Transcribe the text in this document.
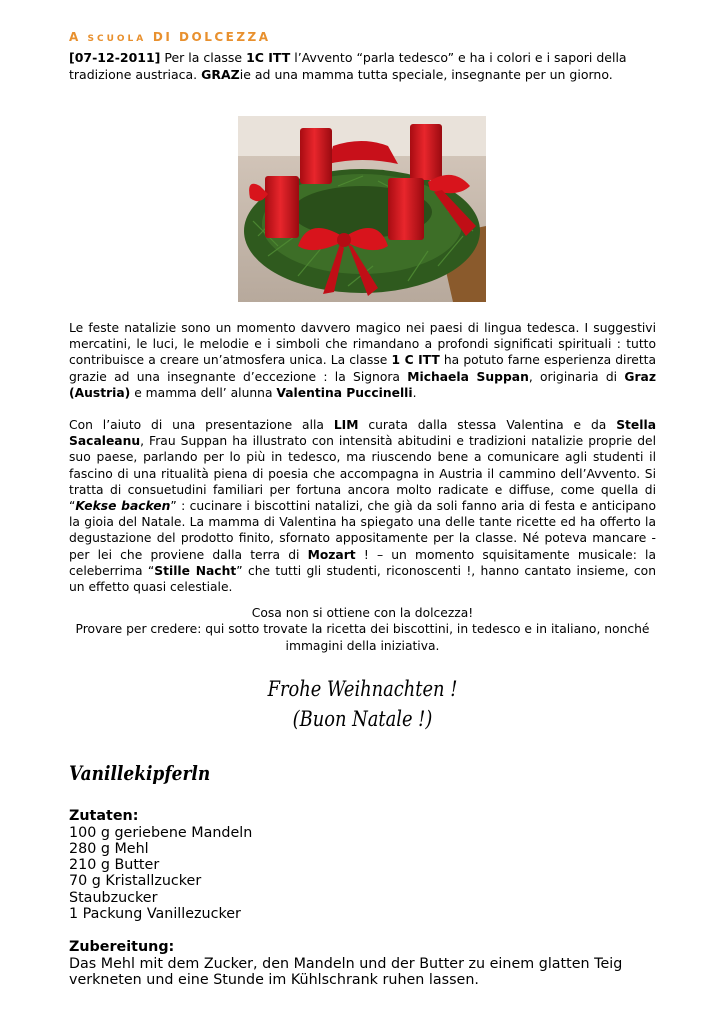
A SCUOLA DI DOLCEZZA

[07-12-2011] Per la classe 1C ITT l’Avvento “parla tedesco” e ha i colori e i sapori della tradizione austriaca. GRAZie ad una mamma tutta speciale, insegnante per un giorno.

Le feste natalizie sono un momento davvero magico nei paesi di lingua tedesca. I suggestivi mercatini, le luci, le melodie e i simboli che rimandano a profondi significati spirituali : tutto contribuisce a creare un’atmosfera unica. La classe 1 C ITT ha potuto farne esperienza diretta grazie ad una insegnante d’eccezione : la Signora Michaela Suppan, originaria di Graz (Austria) e mamma dell’ alunna Valentina Puccinelli.

Con l’aiuto di una presentazione alla LIM curata dalla stessa Valentina e da Stella Sacaleanu, Frau Suppan ha illustrato con intensità abitudini e tradizioni natalizie proprie del suo paese, parlando per lo più in tedesco, ma riuscendo bene a comunicare agli studenti il fascino di una ritualità piena di poesia che accompagna in Austria il cammino dell’Avvento. Si tratta di consuetudini familiari per fortuna ancora molto radicate e diffuse, come quella di “Kekse backen” : cucinare i biscottini natalizi, che già da soli fanno aria di festa e anticipano la gioia del Natale. La mamma di Valentina ha spiegato una delle tante ricette ed ha offerto la degustazione del prodotto finito, sfornato appositamente per la classe. Né poteva mancare - per lei che proviene dalla terra di Mozart ! – un momento squisitamente musicale: la celeberrima “Stille Nacht” che tutti gli studenti, riconoscenti !, hanno cantato insieme, con un effetto quasi celestiale.

Cosa non si ottiene con la dolcezza!

Provare per credere: qui sotto trovate la ricetta dei biscottini, in tedesco e in italiano, nonché immagini della iniziativa.

Frohe Weihnachten !

(Buon Natale !)

Vanillekipferln

Zutaten:

100 g geriebene Mandeln
280 g Mehl
210 g Butter
70 g Kristallzucker
Staubzucker
1 Packung Vanillezucker

Zubereitung:

Das Mehl mit dem Zucker, den Mandeln und der Butter zu einem glatten Teig verkneten und eine Stunde im Kühlschrank ruhen lassen.
